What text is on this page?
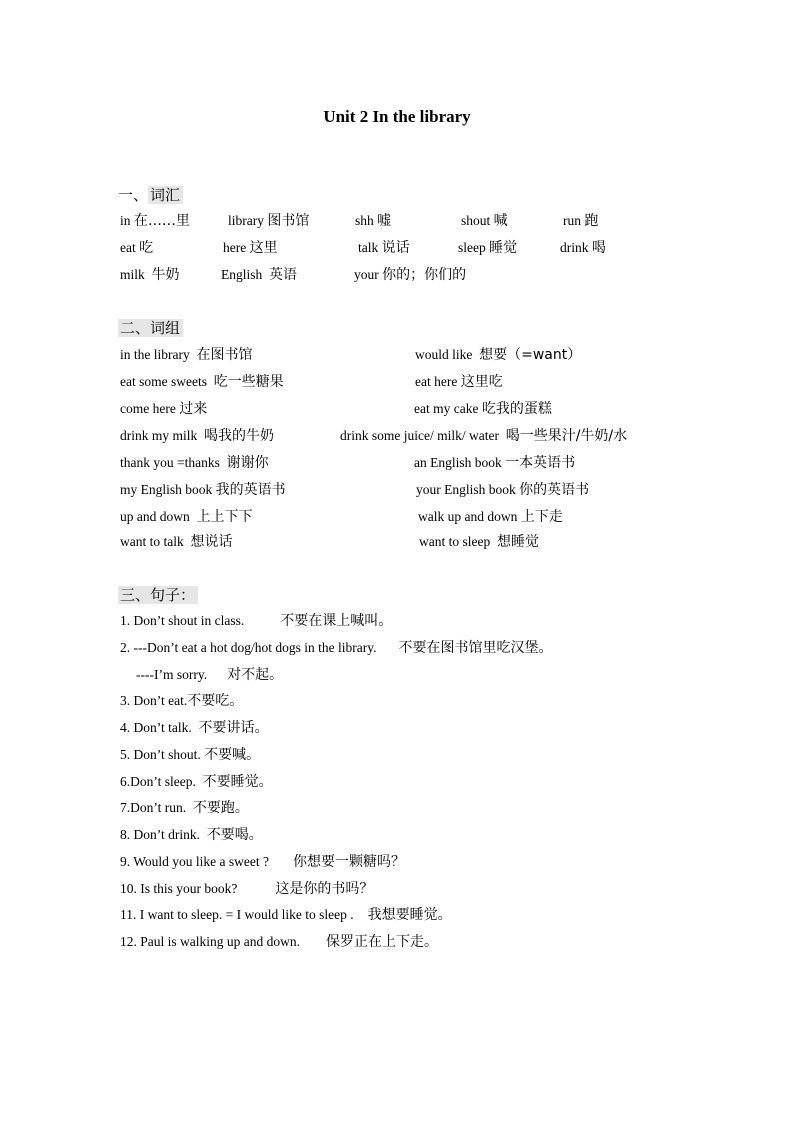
Unit 2 In the library
一、 词汇
in 在……里	library 图书馆	shh 嘘	shout 喊	run 跑
eat 吃	here 这里	talk 说话	sleep 睡觉	drink 喝
milk 牛奶	English 英语	your 你的；你们的
二、词组
in the library 在图书馆	would like 想要（=want）
eat some sweets 吃一些糖果	eat here 这里吃
come here 过来	eat my cake 吃我的蛋糕
drink my milk 喝我的牛奶	drink some juice/ milk/ water 喝一些果汁/牛奶/水
thank you =thanks 谢谢你	an English book 一本英语书
my English book 我的英语书	your English book 你的英语书
up and down 上上下下	walk up and down 上下走
want to talk 想说话	want to sleep 想睡觉
三、句子：
1. Don’t shout in class.	不要在课上喊叫。
2. ---Don’t eat a hot dog/hot dogs in the library. 不要在图书馆里吃汉堡。
----I’m sorry. 对不起。
3. Don’t eat.不要吃。
4. Don’t talk. 不要讲话。
5. Don’t shout. 不要喊。
6.Don’t sleep. 不要睡觉。
7.Don’t run. 不要跑。
8. Don’t drink. 不要喝。
9. Would you like a sweet ? 你想要一颗糖吗？
10. Is this your book?	这是你的书吗？
11. I want to sleep. = I would like to sleep . 我想要睡觉。
12. Paul is walking up and down. 保罗正在上下走。
